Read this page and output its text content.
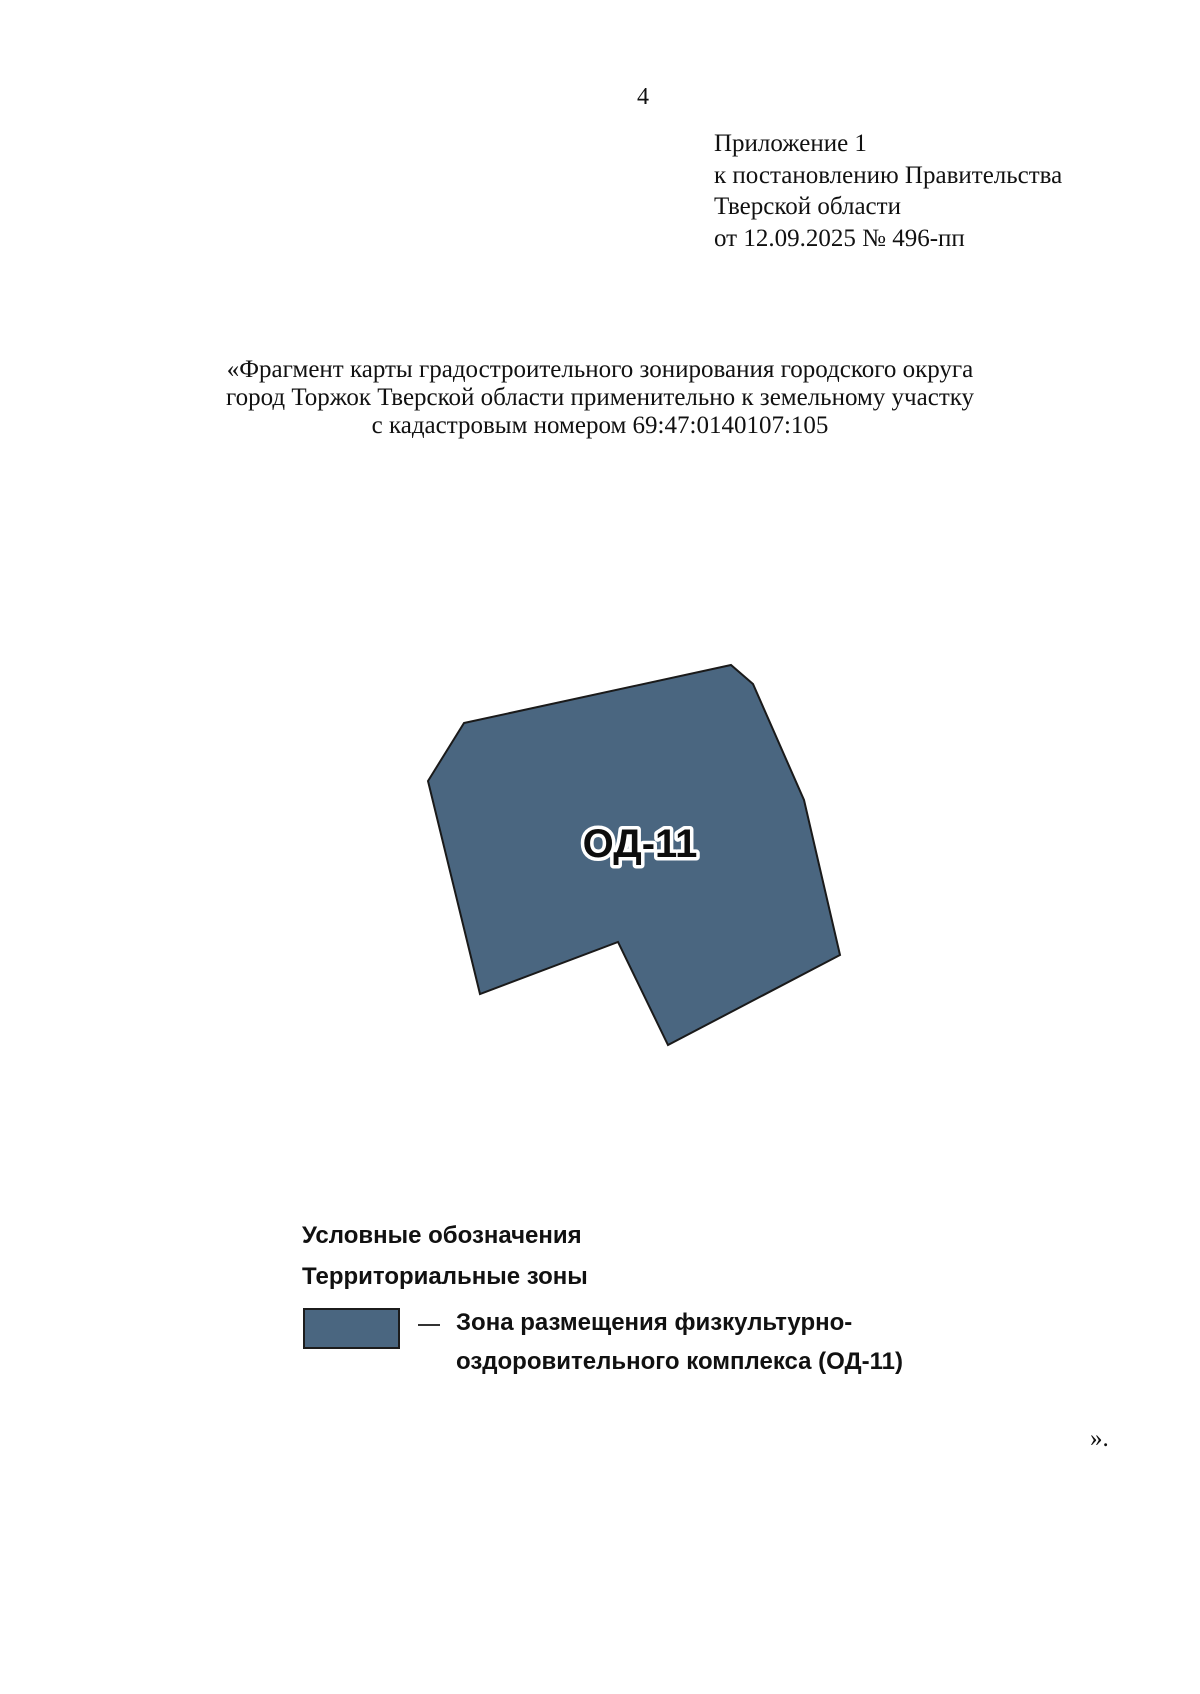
4
Приложение 1
к постановлению Правительства
Тверской области
от 12.09.2025 № 496-пп
«Фрагмент карты градостроительного зонирования городского округа
город Торжок Тверской области применительно к земельному участку
с кадастровым номером 69:47:0140107:105
ОД-11
Условные обозначения
Территориальные зоны
Зона размещения физкультурно-
оздоровительного комплекса (ОД-11)
».
